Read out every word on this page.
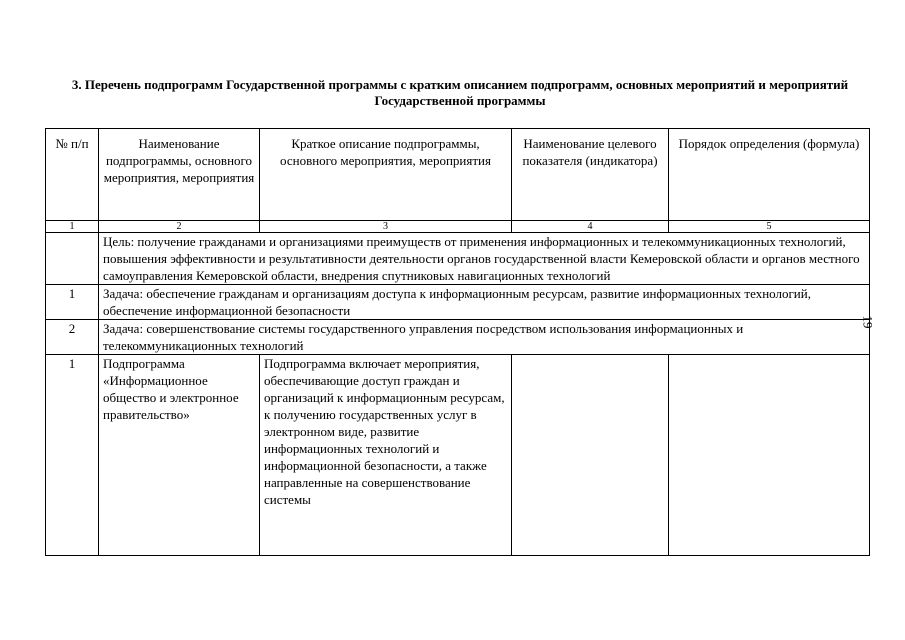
3. Перечень подпрограмм Государственной программы с кратким описанием подпрограмм, основных мероприятий и мероприятий Государственной программы
19
№ п/п	Наименование подпрограммы, основного мероприятия, мероприятия	Краткое описание подпрограммы, основного мероприятия, мероприятия	Наименование целевого показателя (индикатора)	Порядок определения (формула)
1	2	3	4	5
	Цель: получение гражданами и организациями преимуществ от применения информационных и телекоммуникационных технологий, повышения эффективности и результативности деятельности органов государственной власти Кемеровской области и органов местного самоуправления Кемеровской области, внедрения спутниковых навигационных технологий			
1	Задача: обеспечение гражданам и организациям доступа к информационным ресурсам, развитие информационных технологий, обеспечение информационной безопасности			
2	Задача: совершенствование системы государственного управления посредством использования информационных и телекоммуникационных технологий			
1	Подпрограмма «Информационное общество и электронное правительство»	Подпрограмма включает мероприятия, обеспечивающие доступ граждан и организаций к информационным ресурсам, к получению государственных услуг в электронном виде, развитие информационных технологий и информационной безопасности, а также направленные на совершенствование системы		
